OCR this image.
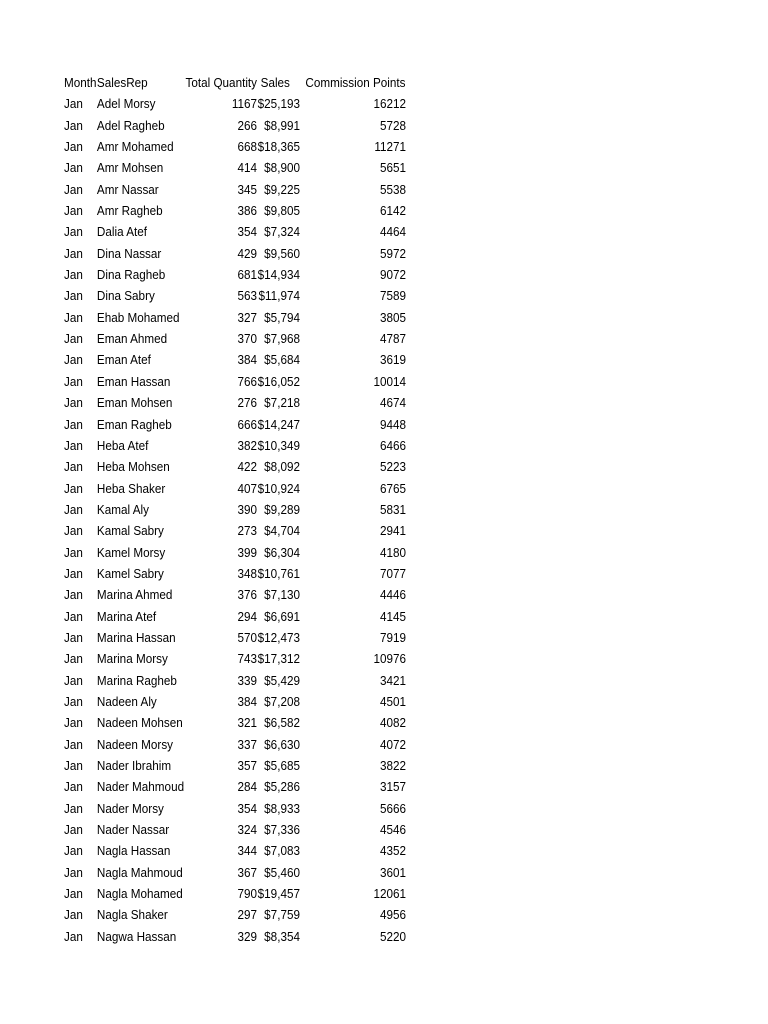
Month	SalesRep	Total Quantity	Sales	Commission Points
Jan	Adel Morsy	1167	$25,193	16212
Jan	Adel Ragheb	266	$8,991	5728
Jan	Amr Mohamed	668	$18,365	11271
Jan	Amr Mohsen	414	$8,900	5651
Jan	Amr Nassar	345	$9,225	5538
Jan	Amr Ragheb	386	$9,805	6142
Jan	Dalia Atef	354	$7,324	4464
Jan	Dina Nassar	429	$9,560	5972
Jan	Dina Ragheb	681	$14,934	9072
Jan	Dina Sabry	563	$11,974	7589
Jan	Ehab Mohamed	327	$5,794	3805
Jan	Eman Ahmed	370	$7,968	4787
Jan	Eman Atef	384	$5,684	3619
Jan	Eman Hassan	766	$16,052	10014
Jan	Eman Mohsen	276	$7,218	4674
Jan	Eman Ragheb	666	$14,247	9448
Jan	Heba Atef	382	$10,349	6466
Jan	Heba Mohsen	422	$8,092	5223
Jan	Heba Shaker	407	$10,924	6765
Jan	Kamal Aly	390	$9,289	5831
Jan	Kamal Sabry	273	$4,704	2941
Jan	Kamel Morsy	399	$6,304	4180
Jan	Kamel Sabry	348	$10,761	7077
Jan	Marina Ahmed	376	$7,130	4446
Jan	Marina Atef	294	$6,691	4145
Jan	Marina Hassan	570	$12,473	7919
Jan	Marina Morsy	743	$17,312	10976
Jan	Marina Ragheb	339	$5,429	3421
Jan	Nadeen Aly	384	$7,208	4501
Jan	Nadeen Mohsen	321	$6,582	4082
Jan	Nadeen Morsy	337	$6,630	4072
Jan	Nader Ibrahim	357	$5,685	3822
Jan	Nader Mahmoud	284	$5,286	3157
Jan	Nader Morsy	354	$8,933	5666
Jan	Nader Nassar	324	$7,336	4546
Jan	Nagla Hassan	344	$7,083	4352
Jan	Nagla Mahmoud	367	$5,460	3601
Jan	Nagla Mohamed	790	$19,457	12061
Jan	Nagla Shaker	297	$7,759	4956
Jan	Nagwa Hassan	329	$8,354	5220
